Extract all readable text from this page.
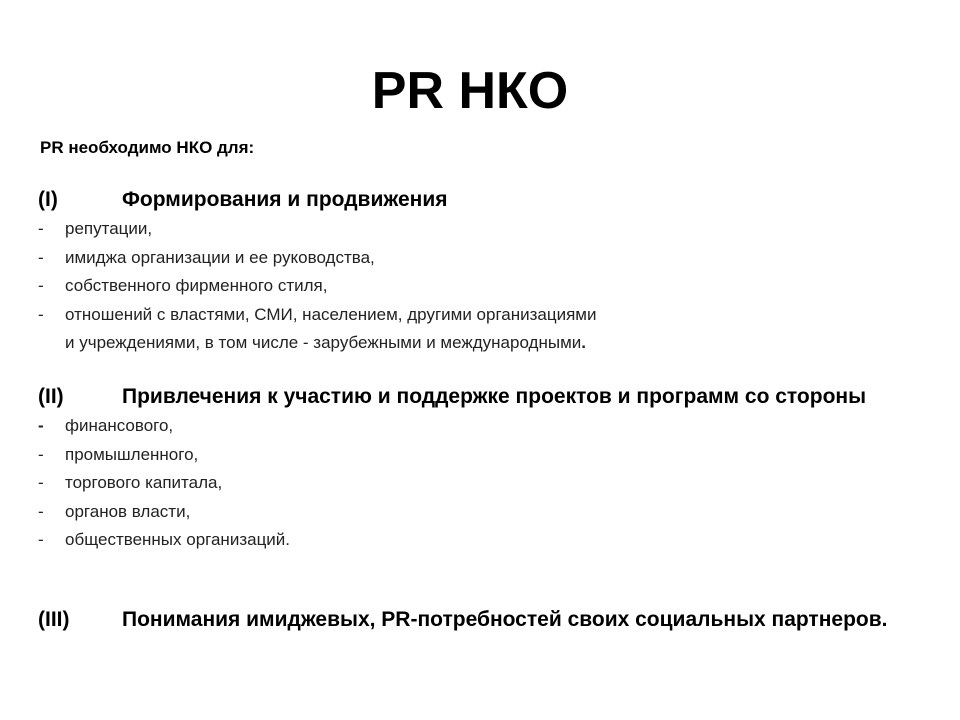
PR НКО
PR необходимо НКО для:
(I)	Формирования и продвижения
- репутации,
- имиджа организации и ее руководства,
- собственного фирменного стиля,
- отношений с властями, СМИ, населением, другими организациями
и учреждениями, в том числе - зарубежными и международными.
(II)	Привлечения к участию и поддержке проектов и программ со стороны
- финансового,
- промышленного,
- торгового капитала,
- органов власти,
- общественных организаций.
(III)	Понимания имиджевых, PR-потребностей своих социальных партнеров.
